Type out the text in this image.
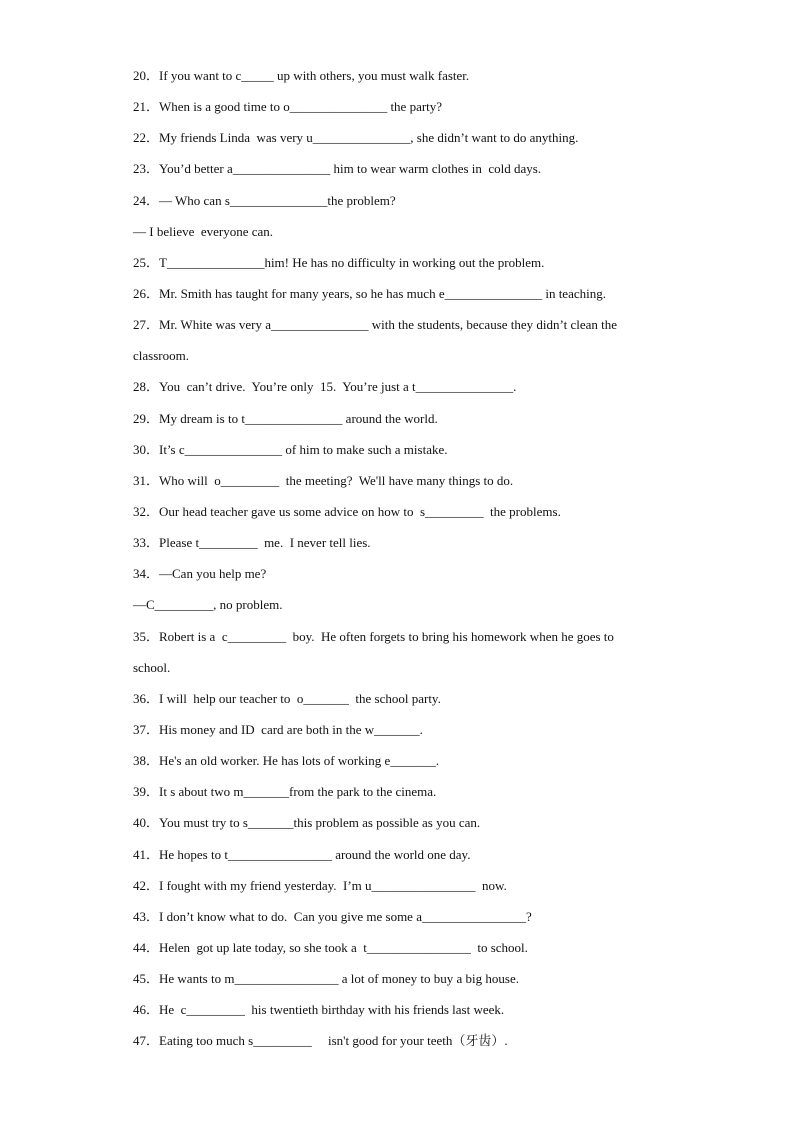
20．If you want to c_____ up with others, you must walk faster.
21．When is a good time to o_______________ the party?
22．My friends Linda  was very u_______________, she didn’t want to do anything.
23．You’d better a_______________ him to wear warm clothes in  cold days.
24．— Who can s_______________the problem?
— I believe  everyone can.
25．T_______________him! He has no difficulty in working out the problem.
26．Mr. Smith has taught for many years, so he has much e_______________ in teaching.
27．Mr. White was very a_______________ with the students, because they didn’t clean the
classroom.
28．You  can’t drive.  You’re only  15.  You’re just a t_______________.
29．My dream is to t_______________ around the world.
30．It’s c_______________ of him to make such a mistake.
31．Who will  o_________  the meeting?  We'll have many things to do.
32．Our head teacher gave us some advice on how to  s_________  the problems.
33．Please t_________  me.  I never tell lies.
34．—Can you help me?
—C_________, no problem.
35．Robert is a  c_________  boy.  He often forgets to bring his homework when he goes to
school.
36．I will  help our teacher to  o_______  the school party.
37．His money and ID  card are both in the w_______.
38．He's an old worker. He has lots of working e_______.
39．It s about two m_______from the park to the cinema.
40．You must try to s_______this problem as possible as you can.
41．He hopes to t________________ around the world one day.
42．I fought with my friend yesterday.  I’m u________________  now.
43．I don’t know what to do.  Can you give me some a________________?
44．Helen  got up late today, so she took a  t________________  to school.
45．He wants to m________________ a lot of money to buy a big house.
46．He  c_________  his twentieth birthday with his friends last week.
47．Eating too much s_________     isn't good for your teeth（牙齿）.
